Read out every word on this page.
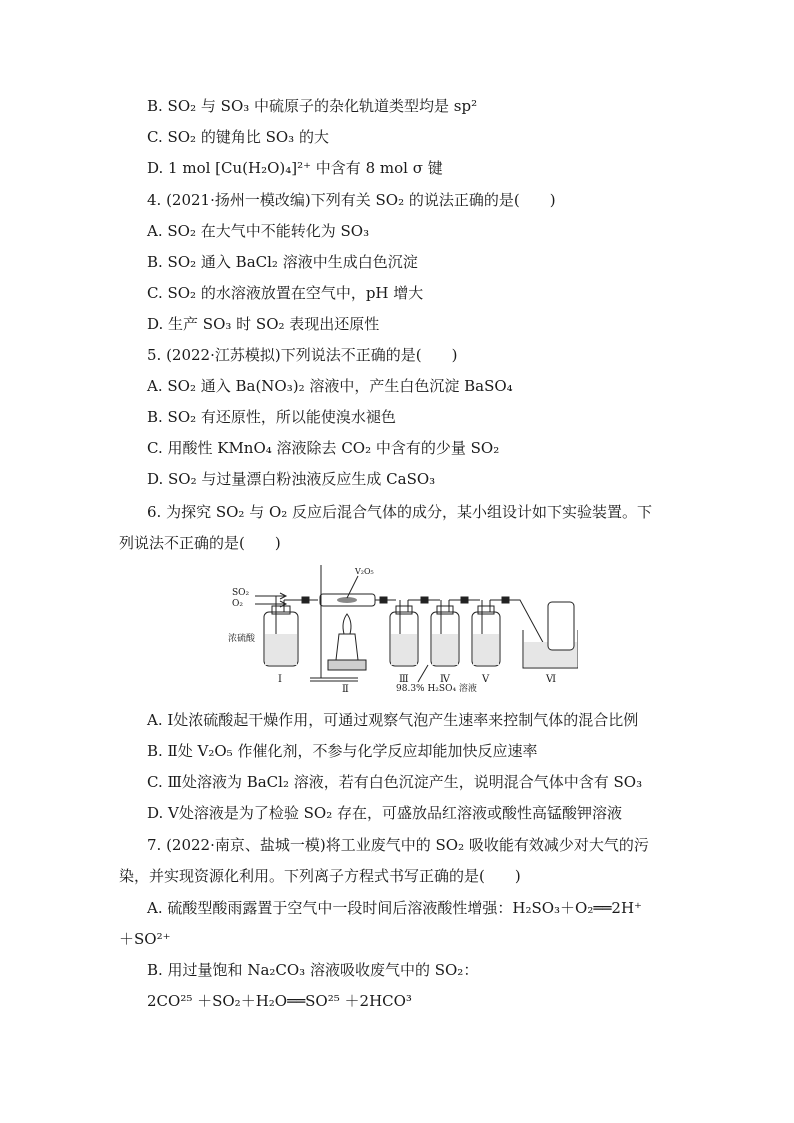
B. SO₂ 与 SO₃ 中硫原子的杂化轨道类型均是 sp²
C. SO₂ 的键角比 SO₃ 的大
D. 1 mol [Cu(H₂O)₄]²⁺ 中含有 8 mol σ 键
4. (2021·扬州一模改编)下列有关 SO₂ 的说法正确的是(　　)
A. SO₂ 在大气中不能转化为 SO₃
B. SO₂ 通入 BaCl₂ 溶液中生成白色沉淀
C. SO₂ 的水溶液放置在空气中，pH 增大
D. 生产 SO₃ 时 SO₂ 表现出还原性
5. (2022·江苏模拟)下列说法不正确的是(　　)
A. SO₂ 通入 Ba(NO₃)₂ 溶液中，产生白色沉淀 BaSO₄
B. SO₂ 有还原性，所以能使溴水褪色
C. 用酸性 KMnO₄ 溶液除去 CO₂ 中含有的少量 SO₂
D. SO₂ 与过量漂白粉浊液反应生成 CaSO₃
6. 为探究 SO₂ 与 O₂ 反应后混合气体的成分，某小组设计如下实验装置。下
列说法不正确的是(　　)
SO₂
O₂
V₂O₅
浓硫酸
98.3% H₂SO₄ 溶液
Ⅰ
Ⅱ
Ⅲ	Ⅳ	Ⅴ	Ⅵ
A. Ⅰ处浓硫酸起干燥作用，可通过观察气泡产生速率来控制气体的混合比例
B. Ⅱ处 V₂O₅ 作催化剂，不参与化学反应却能加快反应速率
C. Ⅲ处溶液为 BaCl₂ 溶液，若有白色沉淀产生，说明混合气体中含有 SO₃
D. Ⅴ处溶液是为了检验 SO₂ 存在，可盛放品红溶液或酸性高锰酸钾溶液
7. (2022·南京、盐城一模)将工业废气中的 SO₂ 吸收能有效减少对大气的污
染，并实现资源化利用。下列离子方程式书写正确的是(　　)
A. 硫酸型酸雨露置于空气中一段时间后溶液酸性增强：H₂SO₃＋O₂══2H⁺
＋SO²⁺
B. 用过量饱和 Na₂CO₃ 溶液吸收废气中的 SO₂：
2CO²⁵ ＋SO₂＋H₂O══SO²⁵ ＋2HCO³
